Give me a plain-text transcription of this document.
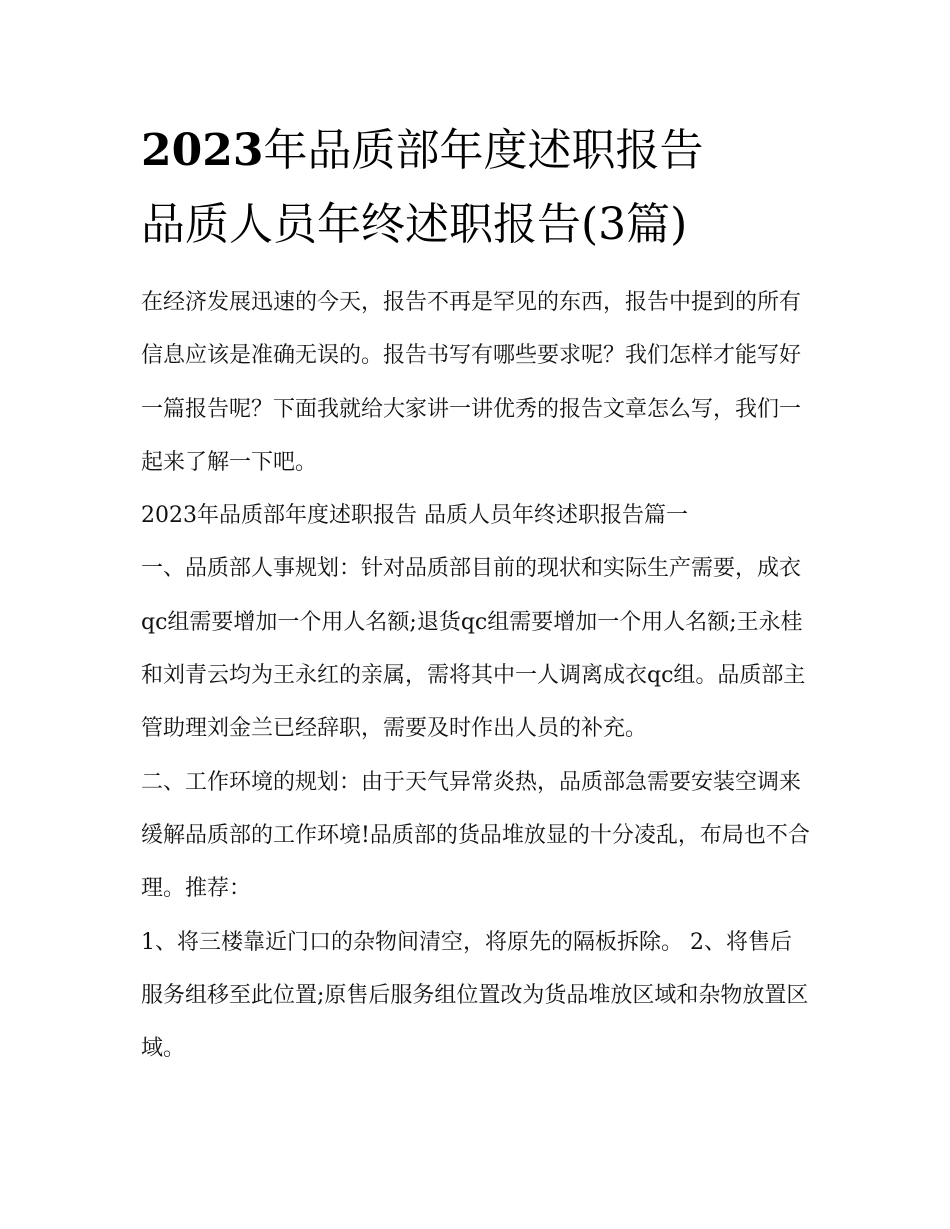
2023年品质部年度述职报告
品质人员年终述职报告(3篇)

在经济发展迅速的今天，报告不再是罕见的东西，报告中提到的所有信息应该是准确无误的。报告书写有哪些要求呢？我们怎样才能写好一篇报告呢？下面我就给大家讲一讲优秀的报告文章怎么写，我们一起来了解一下吧。

2023年品质部年度述职报告 品质人员年终述职报告篇一

一、品质部人事规划：针对品质部目前的现状和实际生产需要，成衣qc组需要增加一个用人名额;退货qc组需要增加一个用人名额;王永桂和刘青云均为王永红的亲属，需将其中一人调离成衣qc组。品质部主管助理刘金兰已经辞职，需要及时作出人员的补充。

二、工作环境的规划：由于天气异常炎热，品质部急需要安装空调来缓解品质部的工作环境!品质部的货品堆放显的十分凌乱，布局也不合理。推荐：

1、将三楼靠近门口的杂物间清空，将原先的隔板拆除。 2、将售后服务组移至此位置;原售后服务组位置改为货品堆放区域和杂物放置区域。
